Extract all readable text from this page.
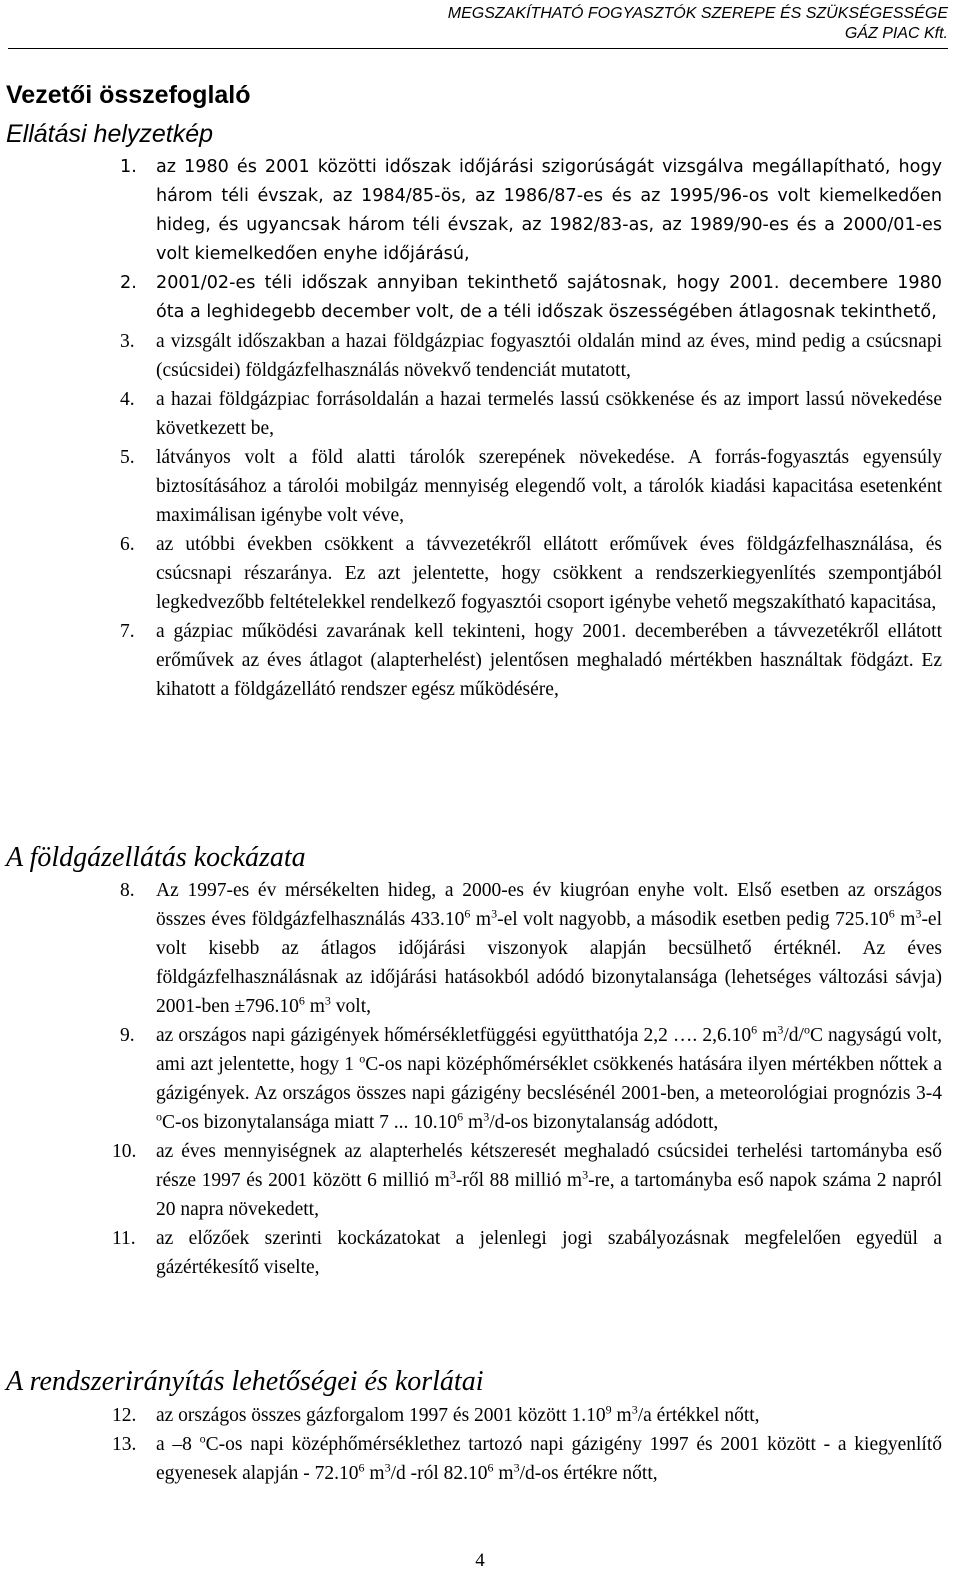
MEGSZAKÍTHATÓ FOGYASZTÓK SZEREPE ÉS SZÜKSÉGESSÉGE
GÁZ PIAC Kft.
Vezetői összefoglaló
Ellátási helyzetkép
1. az 1980 és 2001 közötti időszak időjárási szigorúságát vizsgálva megállapítható, hogy három téli évszak, az 1984/85-ös, az 1986/87-es és az 1995/96-os volt kiemelkedően hideg, és ugyancsak három téli évszak, az 1982/83-as, az 1989/90-es és a 2000/01-es volt kiemelkedően enyhe időjárású,
2. 2001/02-es téli időszak annyiban tekinthető sajátosnak, hogy 2001. decembere 1980 óta a leghidegebb december volt, de a téli időszak öszességében átlagosnak tekinthető,
3. a vizsgált időszakban a hazai földgázpiac fogyasztói oldalán mind az éves, mind pedig a csúcsnapi (csúcsidei) földgázfelhasználás növekvő tendenciát mutatott,
4. a hazai földgázpiac forrásoldalán a hazai termelés lassú csökkenése és az import lassú növekedése következett be,
5. látványos volt a föld alatti tárolók szerepének növekedése. A forrás-fogyasztás egyensúly biztosításához a tárolói mobilgáz mennyiség elegendő volt, a tárolók kiadási kapacitása esetenként maximálisan igénybe volt véve,
6. az utóbbi években csökkent a távvezetékről ellátott erőművek éves földgázfelhasználása, és csúcsnapi részaránya. Ez azt jelentette, hogy csökkent a rendszerkiegyenlítés szempontjából legkedvezőbb feltételekkel rendelkező fogyasztói csoport igénybe vehető megszakítható kapacitása,
7. a gázpiac működési zavarának kell tekinteni, hogy 2001. decemberében a távvezetékről ellátott erőművek az éves átlagot (alapterhelést) jelentősen meghaladó mértékben használtak födgázt. Ez kihatott a földgázellátó rendszer egész működésére,
A földgázellátás kockázata
8. Az 1997-es év mérsékelten hideg, a 2000-es év kiugróan enyhe volt. Első esetben az országos összes éves földgázfelhasználás 433.10$^6$ $m^3-el$ volt nagyobb, a második esetben pedig 725.10$^6$ $m^3-el$ volt kisebb az átlagos időjárási viszonyok alapján becsülhető értéknél. Az éves földgázfelhasználásnak az időjárási hatásokból adódó bizonytalansága (lehetséges változási sávja) $2001-ben \pm 796.10^6$ $m^3$ volt,
9. az országos napi gázigények hőmérsékletfüggési együtthatója 2,2 …. 2,6.10$^6$ $m^3/d/^oC$ nagyságú volt, ami azt jelentette, hogy 1 $^o$C-os napi középhőmérséklet csökkenés hatására ilyen mértékben nőttek a gázigények. Az országos összes napi gázigény becslésénél 2001-ben, a meteorológiai prognózis 3-4 $^o$C-os bizonytalansága miatt 7 ... 10.10$^6$ $m^3/d-os$ bizonytalanság adódott,
10. az éves mennyiségnek az alapterhelés kétszeresét meghaladó csúcsidei terhelési tartományba eső része 1997 és 2001 között 6 millió $m^3$-ről 88 millió $m^3-re$, a tartományba eső napok száma 2 napról 20 napra növekedett,
11. az előzőek szerinti kockázatokat a jelenlegi jogi szabályozásnak megfelelően egyedül a gázértékesítő viselte,
A rendszerirányítás lehetőségei és korlátai
12. az országos összes gázforgalom 1997 és 2001 között 1.10$^9$ $m^3/a$ értékkel nőtt,
13. a –8 $^o$C-os napi középhőmérséklethez tartozó napi gázigény 1997 és 2001 között - a kiegyenlítő egyenesek alapján - 72.10$^6$ $m^3/d$ -ról 82.10$^6$ $m^3/d-os$ értékre nőtt,
4
